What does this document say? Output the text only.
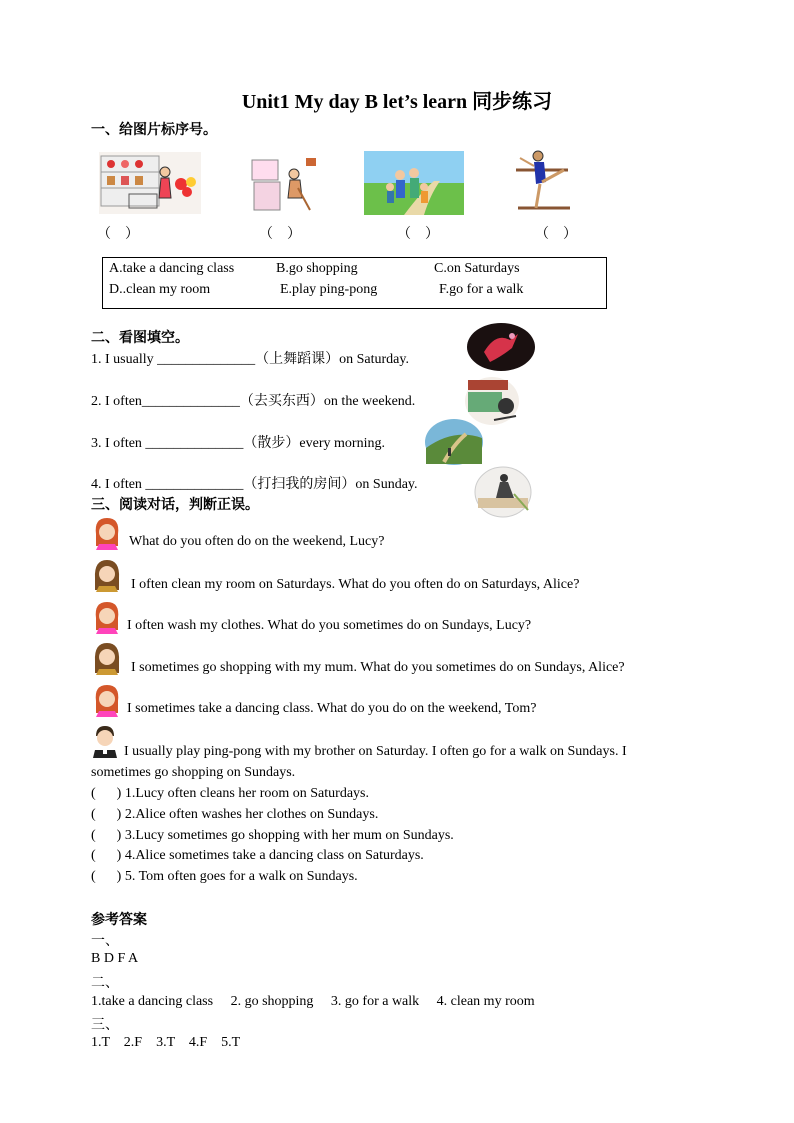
Unit1 My day B let’s learn 同步练习
一、给图片标序号。
（　）	（　）	（　）	（　）
A.take a dancing class	B.go shopping	C.on Saturdays
D..clean my room	E.play ping-pong	F.go for a walk
二、看图填空。
1. I usually ______________（上舞蹈课）on Saturday.
2. I often______________（去买东西）on the weekend.
3. I often ______________（散步）every morning.
4. I often ______________（打扫我的房间）on Sunday.
三、阅读对话，判断正误。
What do you often do on the weekend, Lucy?
I often clean my room on Saturdays. What do you often do on Saturdays, Alice?
I often wash my clothes. What do you sometimes do on Sundays, Lucy?
I sometimes go shopping with my mum. What do you sometimes do on Sundays, Alice?
I sometimes take a dancing class. What do you do on the weekend, Tom?
I usually play ping-pong with my brother on Saturday. I often go for a walk on Sundays. I
sometimes go shopping on Sundays.
(      ) 1.Lucy often cleans her room on Saturdays.
(      ) 2.Alice often washes her clothes on Sundays.
(      ) 3.Lucy sometimes go shopping with her mum on Sundays.
(      ) 4.Alice sometimes take a dancing class on Saturdays.
(      ) 5. Tom often goes for a walk on Sundays.
参考答案
一、
B D F A
二、
1.take a dancing class     2. go shopping     3. go for a walk     4. clean my room
三、
1.T    2.F    3.T    4.F    5.T
